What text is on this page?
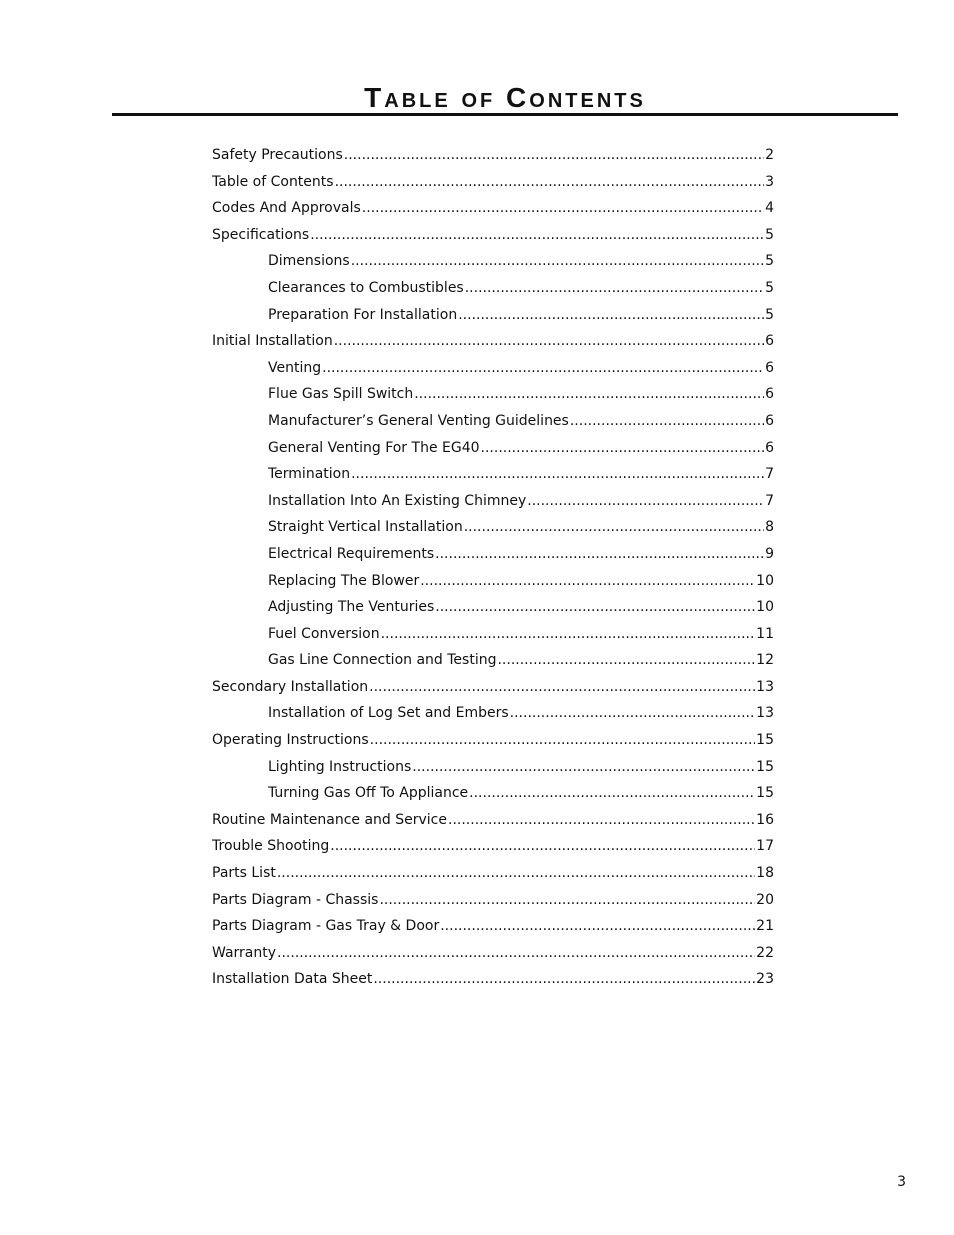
Table of Contents
Safety Precautions .....	2
Table of Contents .....	3
Codes And Approvals .....	4
Specifications .....	5
Dimensions .....	5
Clearances to Combustibles .....	5
Preparation For Installation .....	5
Initial Installation .....	6
Venting .....	6
Flue Gas Spill Switch .....	6
Manufacturer’s General Venting Guidelines .....	6
General Venting For The EG40 .....	6
Termination .....	7
Installation Into An Existing Chimney .....	7
Straight Vertical Installation .....	8
Electrical Requirements .....	9
Replacing The Blower .....	10
Adjusting The Venturies .....	10
Fuel Conversion .....	11
Gas Line Connection and Testing .....	12
Secondary Installation .....	13
Installation of Log Set and Embers .....	13
Operating Instructions .....	15
Lighting Instructions .....	15
Turning Gas Off To Appliance .....	15
Routine Maintenance and Service .....	16
Trouble Shooting .....	17
Parts List .....	18
Parts Diagram - Chassis .....	20
Parts Diagram - Gas Tray & Door .....	21
Warranty .....	22
Installation Data Sheet .....	23
3
